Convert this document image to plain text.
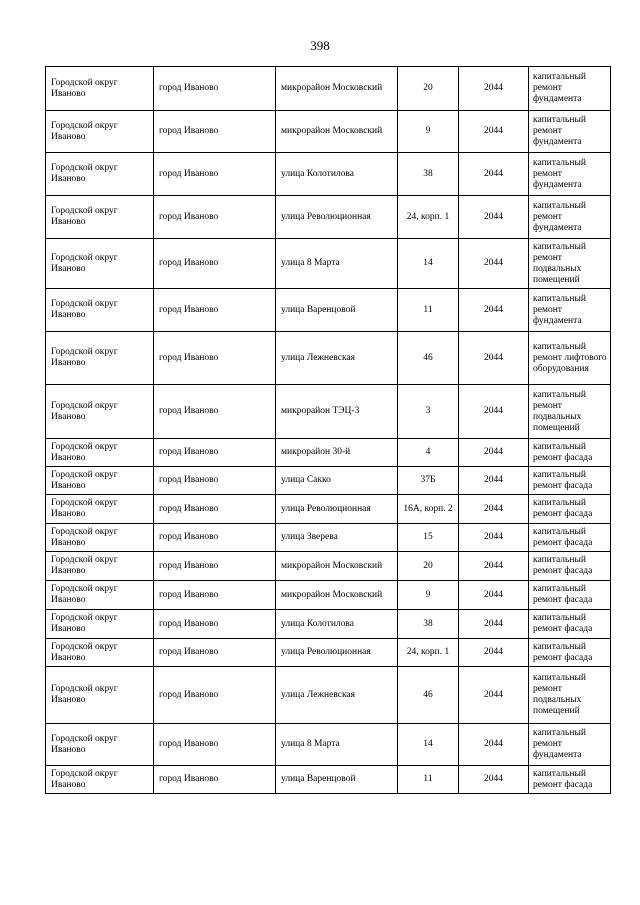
398
Городской округ Иваново	город Иваново	микрорайон Московский	20	2044	капитальный ремонт фундамента
Городской округ Иваново	город Иваново	микрорайон Московский	9	2044	капитальный ремонт фундамента
Городской округ Иваново	город Иваново	улица Колотилова	38	2044	капитальный ремонт фундамента
Городской округ Иваново	город Иваново	улица Революционная	24, корп. 1	2044	капитальный ремонт фундамента
Городской округ Иваново	город Иваново	улица 8 Марта	14	2044	капитальный ремонт подвальных помещений
Городской округ Иваново	город Иваново	улица Варенцовой	11	2044	капитальный ремонт фундамента
Городской округ Иваново	город Иваново	улица Лежневская	46	2044	капитальный ремонт лифтового оборудования
Городской округ Иваново	город Иваново	микрорайон ТЭЦ-3	3	2044	капитальный ремонт подвальных помещений
Городской округ Иваново	город Иваново	микрорайон 30-й	4	2044	капитальный ремонт фасада
Городской округ Иваново	город Иваново	улица Сакко	37Б	2044	капитальный ремонт фасада
Городской округ Иваново	город Иваново	улица Революционная	16А, корп. 2	2044	капитальный ремонт фасада
Городской округ Иваново	город Иваново	улица Зверева	15	2044	капитальный ремонт фасада
Городской округ Иваново	город Иваново	микрорайон Московский	20	2044	капитальный ремонт фасада
Городской округ Иваново	город Иваново	микрорайон Московский	9	2044	капитальный ремонт фасада
Городской округ Иваново	город Иваново	улица Колотилова	38	2044	капитальный ремонт фасада
Городской округ Иваново	город Иваново	улица Революционная	24, корп. 1	2044	капитальный ремонт фасада
Городской округ Иваново	город Иваново	улица Лежневская	46	2044	капитальный ремонт подвальных помещений
Городской округ Иваново	город Иваново	улица 8 Марта	14	2044	капитальный ремонт фундамента
Городской округ Иваново	город Иваново	улица Варенцовой	11	2044	капитальный ремонт фасада
